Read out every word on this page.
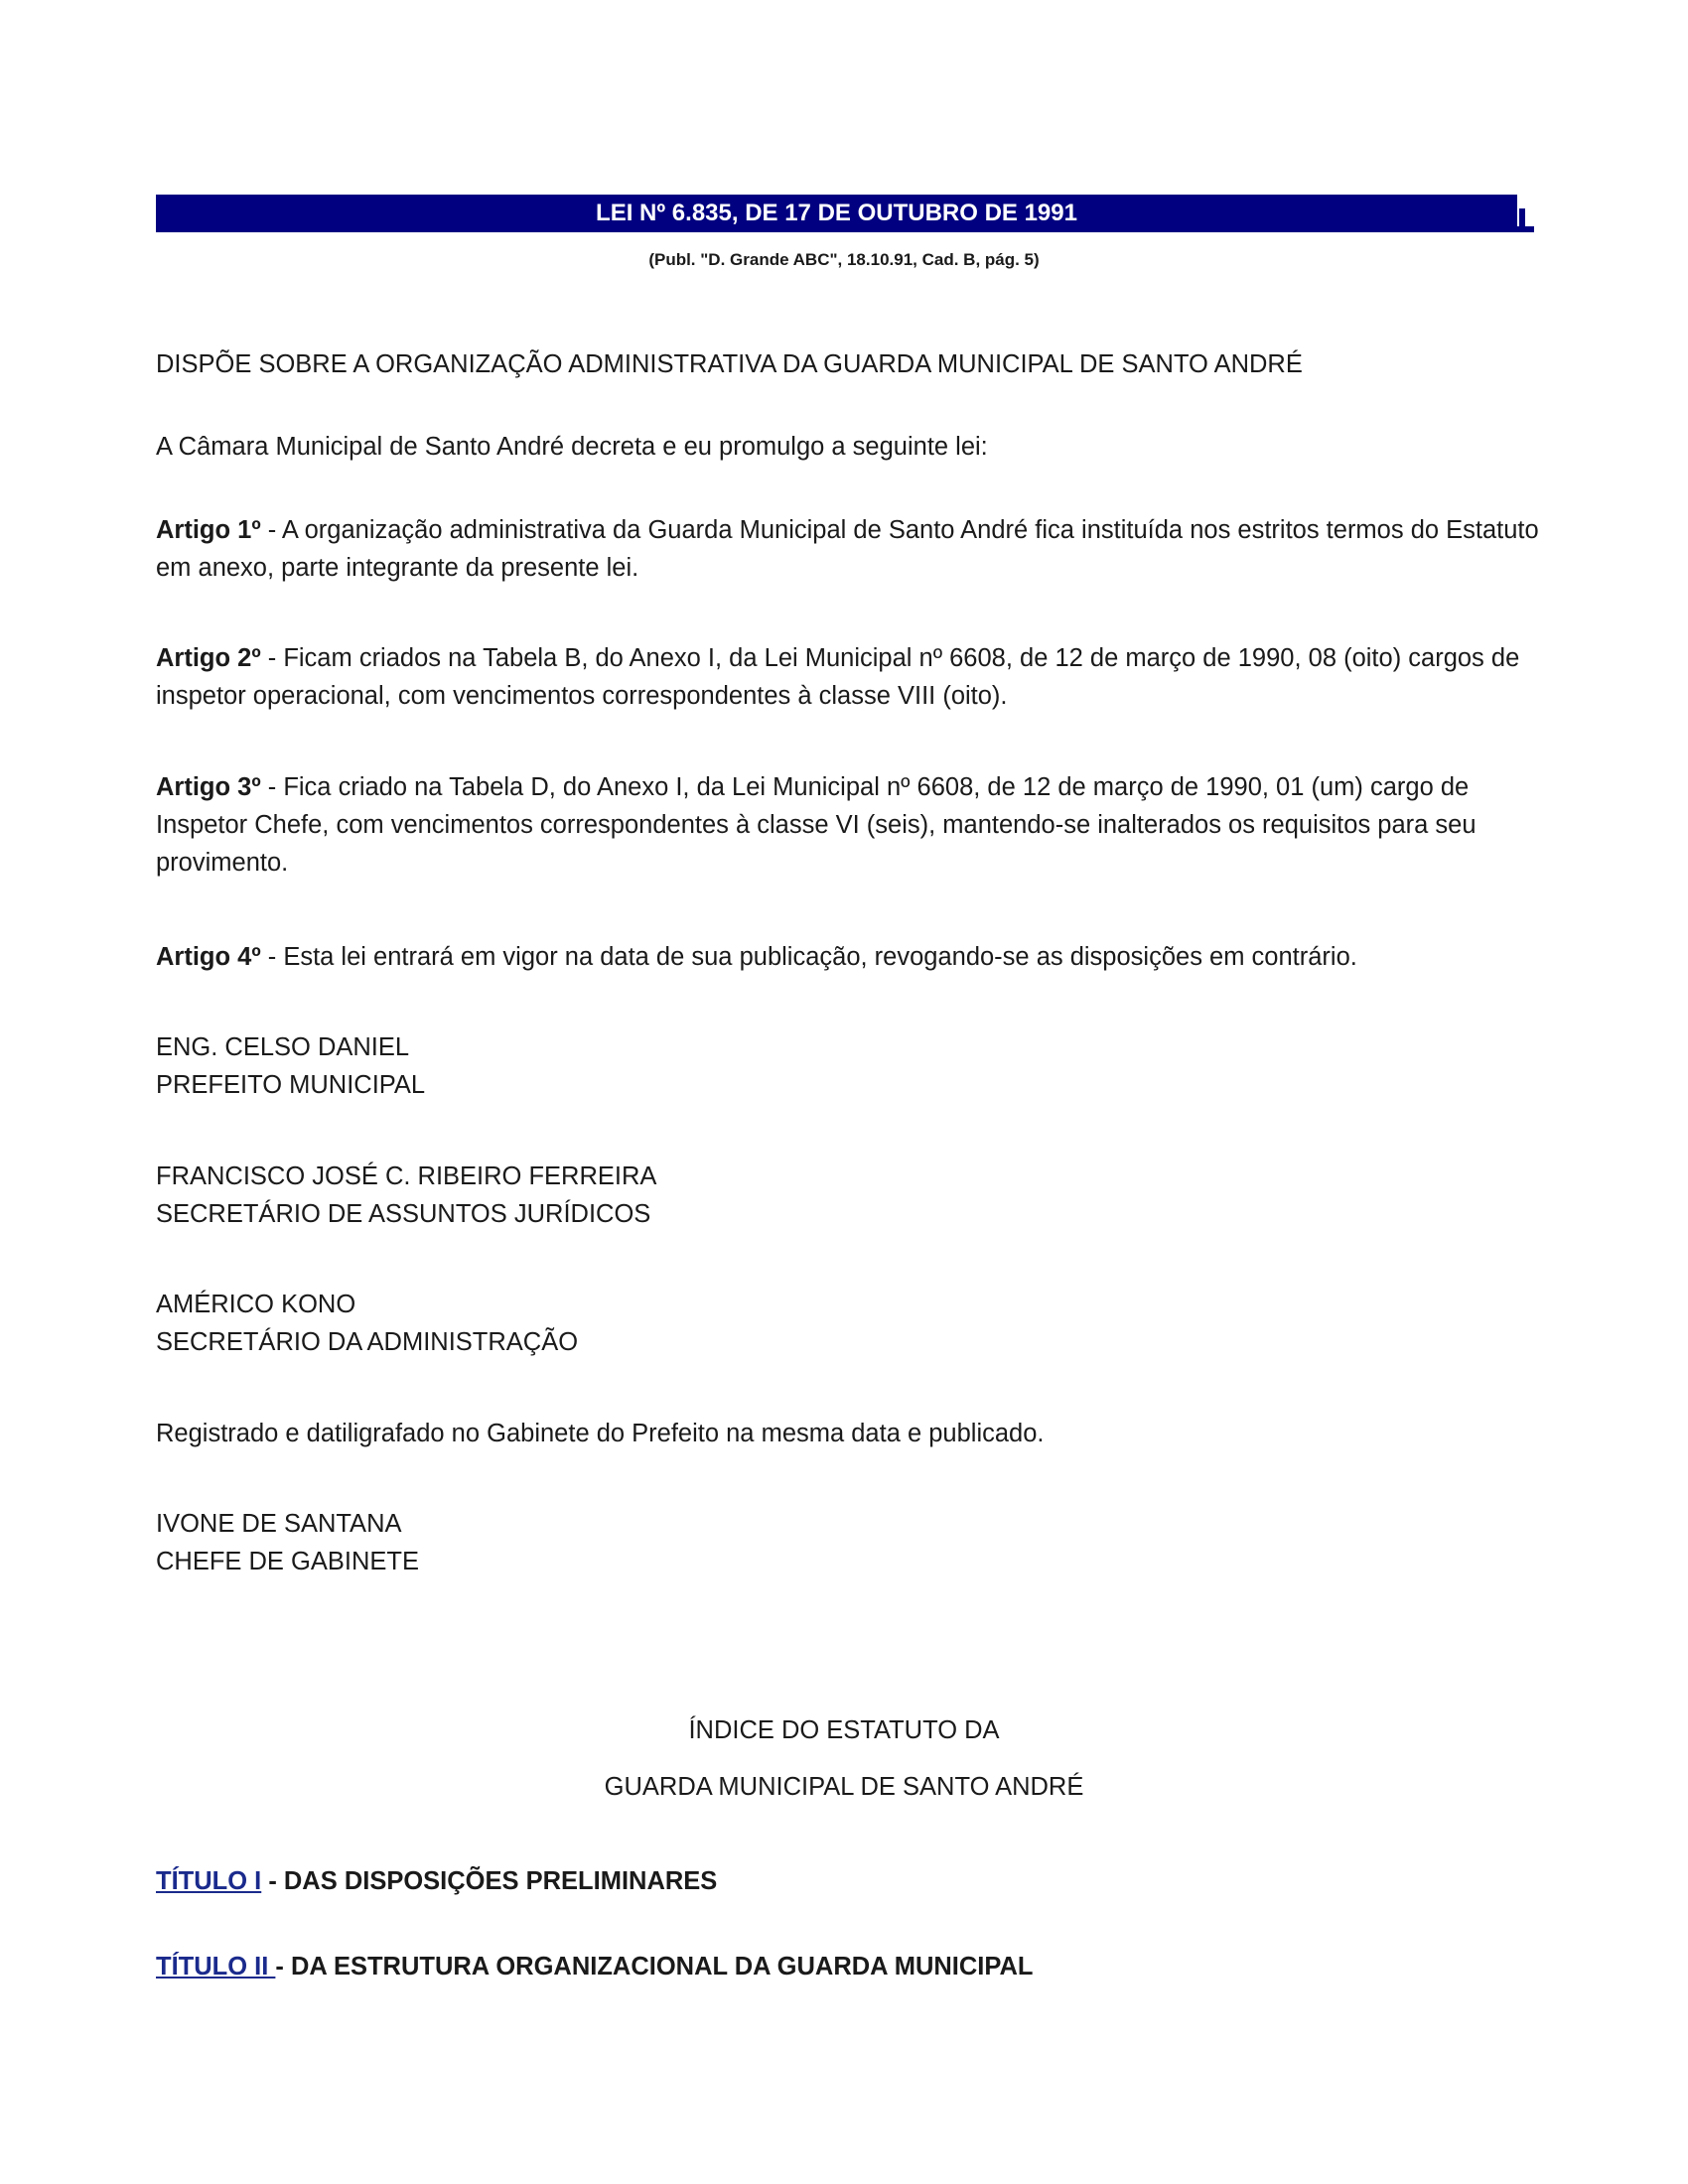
LEI Nº 6.835, DE 17 DE OUTUBRO DE 1991
(Publ. "D. Grande ABC", 18.10.91, Cad. B, pág. 5)

DISPÕE SOBRE A ORGANIZAÇÃO ADMINISTRATIVA DA GUARDA MUNICIPAL DE SANTO ANDRÉ

A Câmara Municipal de Santo André decreta e eu promulgo a seguinte lei:

Artigo 1º - A organização administrativa da Guarda Municipal de Santo André fica instituída nos estritos termos do Estatuto em anexo, parte integrante da presente lei.

Artigo 2º - Ficam criados na Tabela B, do Anexo I, da Lei Municipal nº 6608, de 12 de março de 1990, 08 (oito) cargos de inspetor operacional, com vencimentos correspondentes à classe VIII (oito).

Artigo 3º - Fica criado na Tabela D, do Anexo I, da Lei Municipal nº 6608, de 12 de março de 1990, 01 (um) cargo de Inspetor Chefe, com vencimentos correspondentes à classe VI (seis), mantendo-se inalterados os requisitos para seu provimento.

Artigo 4º - Esta lei entrará em vigor na data de sua publicação, revogando-se as disposições em contrário.

ENG. CELSO DANIEL
PREFEITO MUNICIPAL

FRANCISCO JOSÉ C. RIBEIRO FERREIRA
SECRETÁRIO DE ASSUNTOS JURÍDICOS

AMÉRICO KONO
SECRETÁRIO DA ADMINISTRAÇÃO

Registrado e datiligrafado no Gabinete do Prefeito na mesma data e publicado.

IVONE DE SANTANA
CHEFE DE GABINETE

ÍNDICE DO ESTATUTO DA

GUARDA MUNICIPAL DE SANTO ANDRÉ

TÍTULO I - DAS DISPOSIÇÕES PRELIMINARES

TÍTULO II - DA ESTRUTURA ORGANIZACIONAL DA GUARDA MUNICIPAL
